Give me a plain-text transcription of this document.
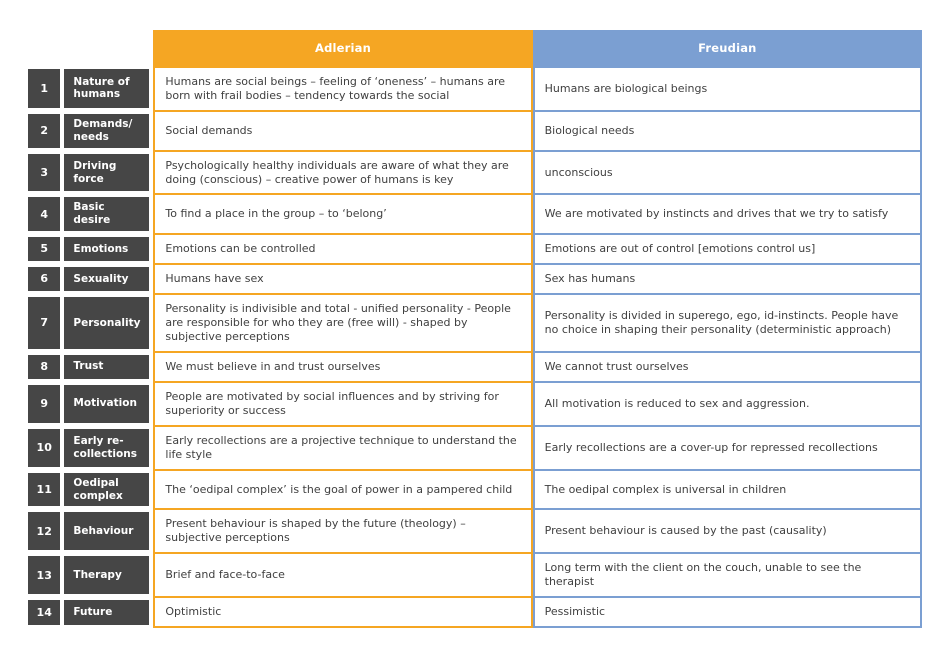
		Adlerian	Freudian
1	Nature of humans	Humans are social beings – feeling of ‘oneness’ – humans are born with frail bodies – tendency towards the social	Humans are biological beings
2	Demands/ needs	Social demands	Biological needs
3	Driving force	Psychologically healthy individuals are aware of what they are doing (conscious) – creative power of humans is key	unconscious
4	Basic desire	To find a place in the group – to ‘belong’	We are motivated by instincts and drives that we try to satisfy
5	Emotions	Emotions can be controlled	Emotions are out of control [emotions control us]
6	Sexuality	Humans have sex	Sex has humans
7	Personality	Personality is indivisible and total - unified personality - People are responsible for who they are (free will) - shaped by subjective perceptions	Personality is divided in superego, ego, id-instincts. People have no choice in shaping their personality (deterministic approach)
8	Trust	We must believe in and trust ourselves	We cannot trust ourselves
9	Motivation	People are motivated by social influences and by striving for superiority or success	All motivation is reduced to sex and aggression.
10	Early re-collections	Early recollections are a projective technique to understand the life style	Early recollections are a cover-up for repressed recollections
11	Oedipal complex	The ‘oedipal complex’ is the goal of power in a pampered child	The oedipal complex is universal in children
12	Behaviour	Present behaviour is shaped by the future (theology) – subjective perceptions	Present behaviour is caused by the past (causality)
13	Therapy	Brief and face-to-face	Long term with the client on the couch, unable to see the therapist
14	Future	Optimistic	Pessimistic
